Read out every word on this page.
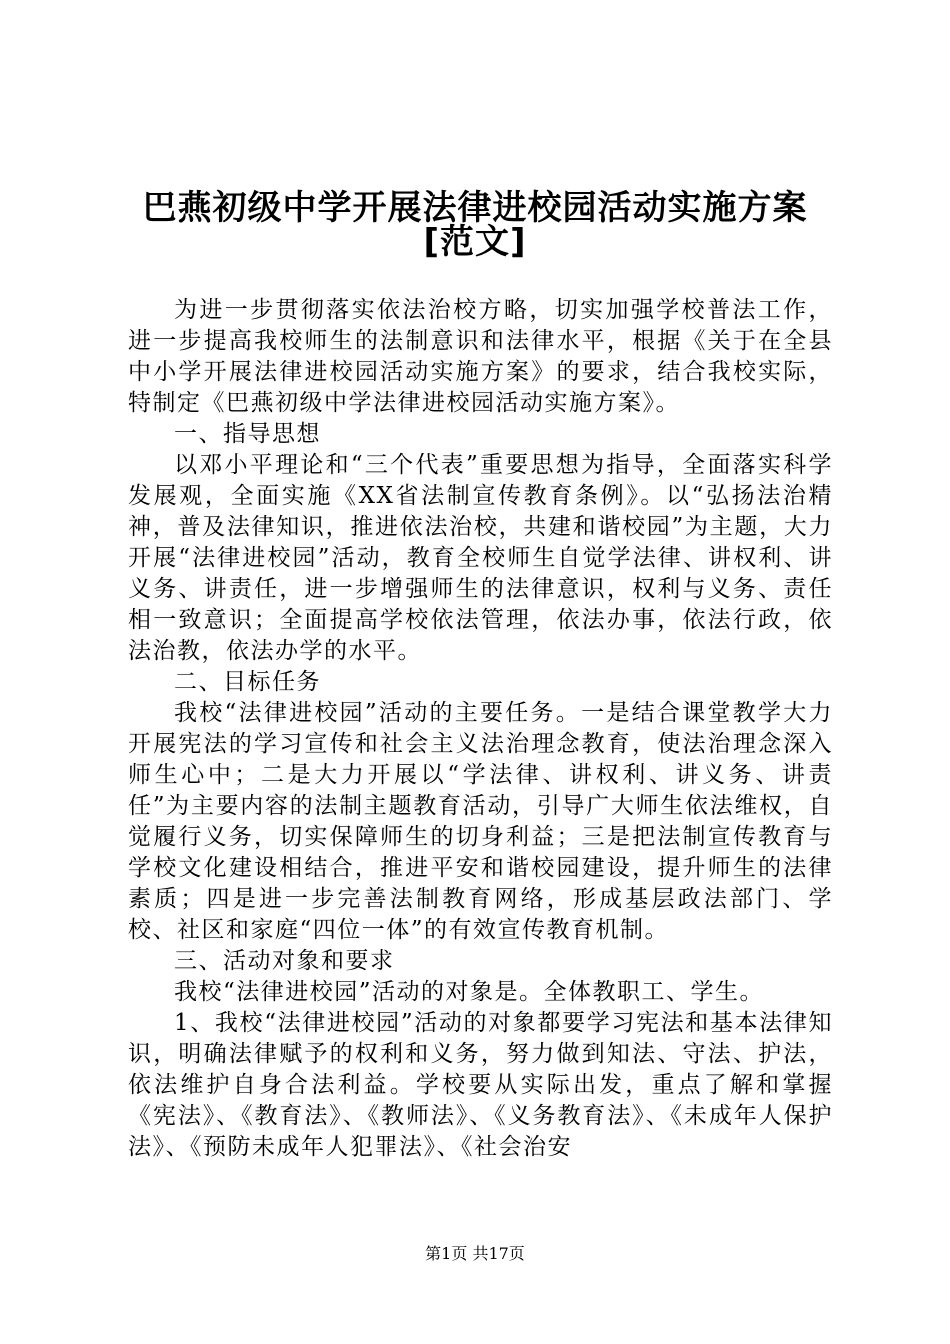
巴燕初级中学开展法律进校园活动实施方案
[范文]

为进一步贯彻落实依法治校方略，切实加强学校普法工作，进一步提高我校师生的法制意识和法律水平，根据《关于在全县中小学开展法律进校园活动实施方案》的要求，结合我校实际，特制定《巴燕初级中学法律进校园活动实施方案》。

一、指导思想

以邓小平理论和“三个代表”重要思想为指导，全面落实科学发展观，全面实施《XX省法制宣传教育条例》。以“弘扬法治精神，普及法律知识，推进依法治校，共建和谐校园”为主题，大力开展“法律进校园”活动，教育全校师生自觉学法律、讲权利、讲义务、讲责任，进一步增强师生的法律意识，权利与义务、责任相一致意识；全面提高学校依法管理，依法办事，依法行政，依法治教，依法办学的水平。

二、目标任务

我校“法律进校园”活动的主要任务。一是结合课堂教学大力开展宪法的学习宣传和社会主义法治理念教育，使法治理念深入师生心中；二是大力开展以“学法律、讲权利、讲义务、讲责任”为主要内容的法制主题教育活动，引导广大师生依法维权，自觉履行义务，切实保障师生的切身利益；三是把法制宣传教育与学校文化建设相结合，推进平安和谐校园建设，提升师生的法律素质；四是进一步完善法制教育网络，形成基层政法部门、学校、社区和家庭“四位一体”的有效宣传教育机制。

三、活动对象和要求

我校“法律进校园”活动的对象是。全体教职工、学生。

1、我校“法律进校园”活动的对象都要学习宪法和基本法律知识，明确法律赋予的权利和义务，努力做到知法、守法、护法，依法维护自身合法利益。学校要从实际出发，重点了解和掌握《宪法》、《教育法》、《教师法》、《义务教育法》、《未成年人保护法》、《预防未成年人犯罪法》、《社会治安

第1页 共17页
